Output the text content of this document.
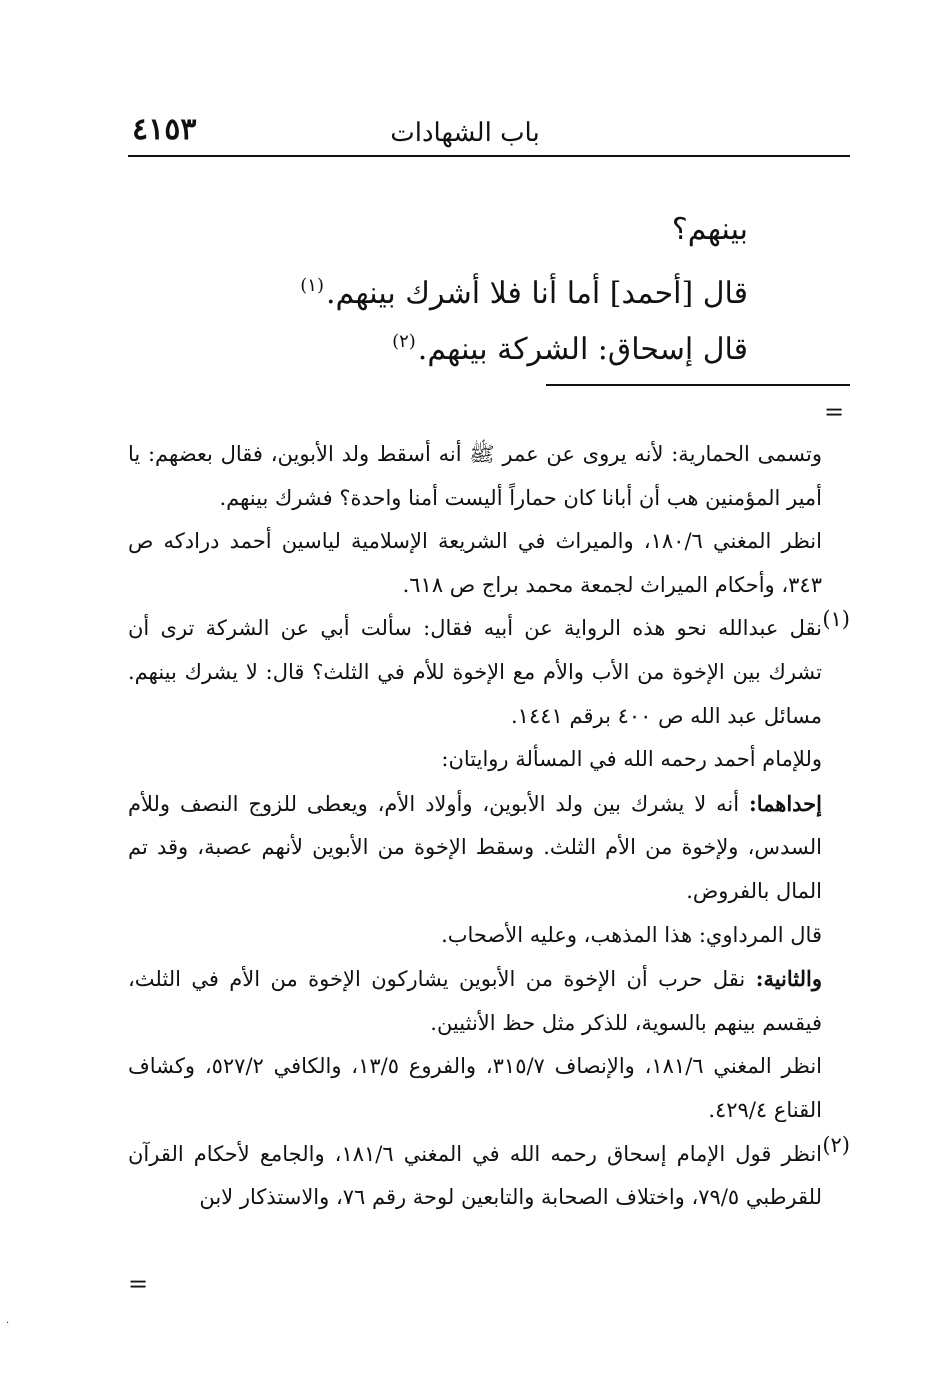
٤١٥٣	باب الشهادات

بينهم؟

قال [أحمد] أما أنا فلا أشرك بينهم.$^{(١)}$

قال إسحاق: الشركة بينهم.$^{(٢)}$

=

وتسمى الحمارية: لأنه يروى عن عمر ﷺ أنه أسقط ولد الأبوين، فقال بعضهم: يا أمير المؤمنين هب أن أبانا كان حماراً أليست أمنا واحدة؟ فشرك بينهم.

انظر المغني ١٨٠/٦، والميراث في الشريعة الإسلامية لياسين أحمد درادكه ص ٣٤٣، وأحكام الميراث لجمعة محمد براج ص ٦١٨.

(١)

نقل عبدالله نحو هذه الرواية عن أبيه فقال: سألت أبي عن الشركة ترى أن تشرك بين الإخوة من الأب والأم مع الإخوة للأم في الثلث؟ قال: لا يشرك بينهم. مسائل عبد الله ص ٤٠٠ برقم ١٤٤١.

وللإمام أحمد رحمه الله في المسألة روايتان:

إحداهما: أنه لا يشرك بين ولد الأبوين، وأولاد الأم، ويعطى للزوج النصف وللأم السدس، ولإخوة من الأم الثلث. وسقط الإخوة من الأبوين لأنهم عصبة، وقد تم المال بالفروض.

قال المرداوي: هذا المذهب، وعليه الأصحاب.

والثانية: نقل حرب أن الإخوة من الأبوين يشاركون الإخوة من الأم في الثلث، فيقسم بينهم بالسوية، للذكر مثل حظ الأنثيين.

انظر المغني ١٨١/٦، والإنصاف ٣١٥/٧، والفروع ١٣/٥، والكافي ٥٢٧/٢، وكشاف القناع ٤٢٩/٤.

(٢)

انظر قول الإمام إسحاق رحمه الله في المغني ١٨١/٦، والجامع لأحكام القرآن للقرطبي ٧٩/٥، واختلاف الصحابة والتابعين لوحة رقم ٧٦، والاستذكار لابن

=
·
